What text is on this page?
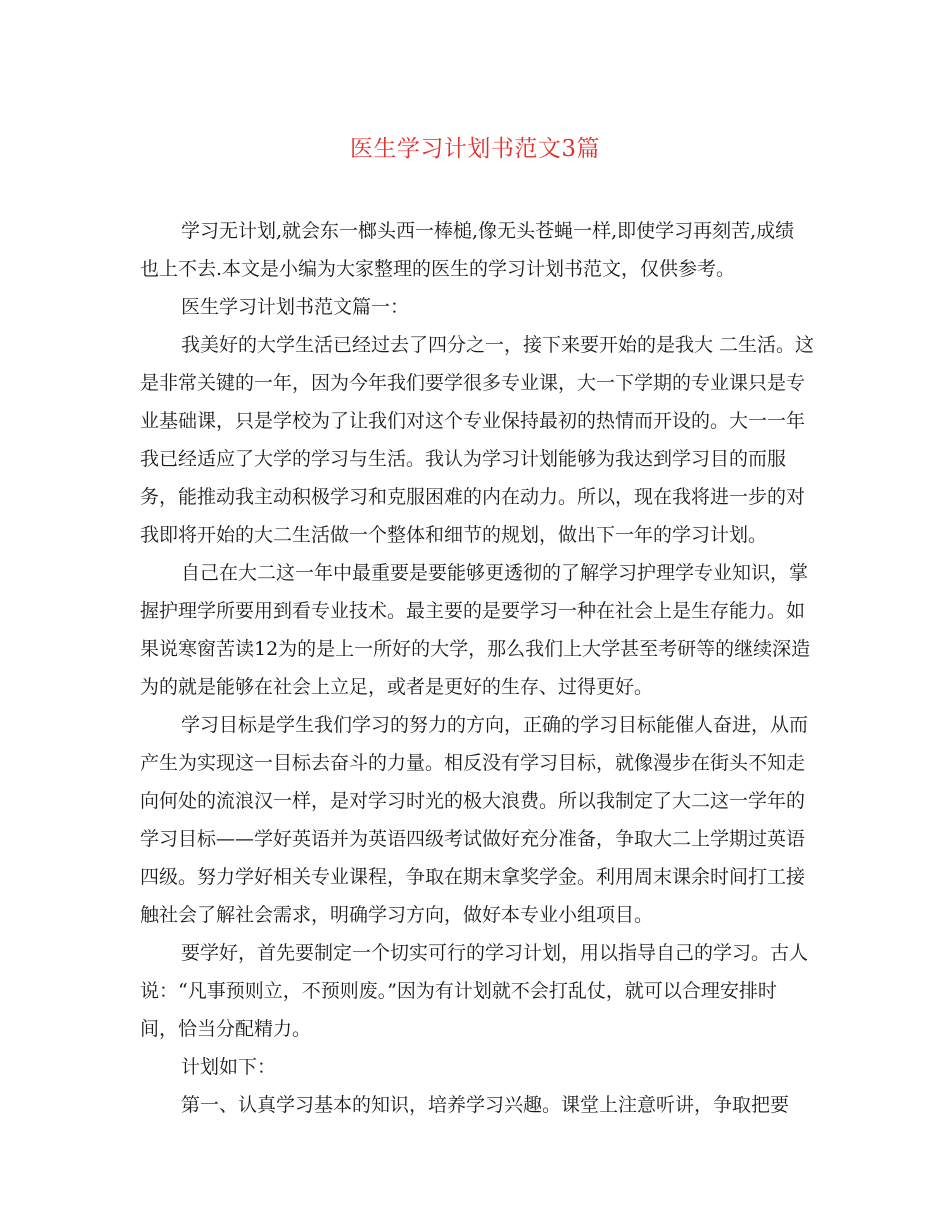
医生学习计划书范文3篇

学习无计划,就会东一榔头西一棒槌,像无头苍蝇一样,即使学习再刻苦,成绩

也上不去.本文是小编为大家整理的医生的学习计划书范文，仅供参考。

医生学习计划书范文篇一：

我美好的大学生活已经过去了四分之一，接下来要开始的是我大 二生活。这

是非常关键的一年，因为今年我们要学很多专业课，大一下学期的专业课只是专

业基础课，只是学校为了让我们对这个专业保持最初的热情而开设的。大一一年

我已经适应了大学的学习与生活。我认为学习计划能够为我达到学习目的而服

务，能推动我主动积极学习和克服困难的内在动力。所以，现在我将进一步的对

我即将开始的大二生活做一个整体和细节的规划，做出下一年的学习计划。

自己在大二这一年中最重要是要能够更透彻的了解学习护理学专业知识，掌

握护理学所要用到看专业技术。最主要的是要学习一种在社会上是生存能力。如

果说寒窗苦读12为的是上一所好的大学，那么我们上大学甚至考研等的继续深造

为的就是能够在社会上立足，或者是更好的生存、过得更好。

学习目标是学生我们学习的努力的方向，正确的学习目标能催人奋进，从而

产生为实现这一目标去奋斗的力量。相反没有学习目标，就像漫步在街头不知走

向何处的流浪汉一样，是对学习时光的极大浪费。所以我制定了大二这一学年的

学习目标——学好英语并为英语四级考试做好充分准备，争取大二上学期过英语

四级。努力学好相关专业课程，争取在期末拿奖学金。利用周末课余时间打工接

触社会了解社会需求，明确学习方向，做好本专业小组项目。

要学好，首先要制定一个切实可行的学习计划，用以指导自己的学习。古人

说：“凡事预则立，不预则废。”因为有计划就不会打乱仗，就可以合理安排时

间，恰当分配精力。

计划如下：

第一、认真学习基本的知识，培养学习兴趣。课堂上注意听讲，争取把要
